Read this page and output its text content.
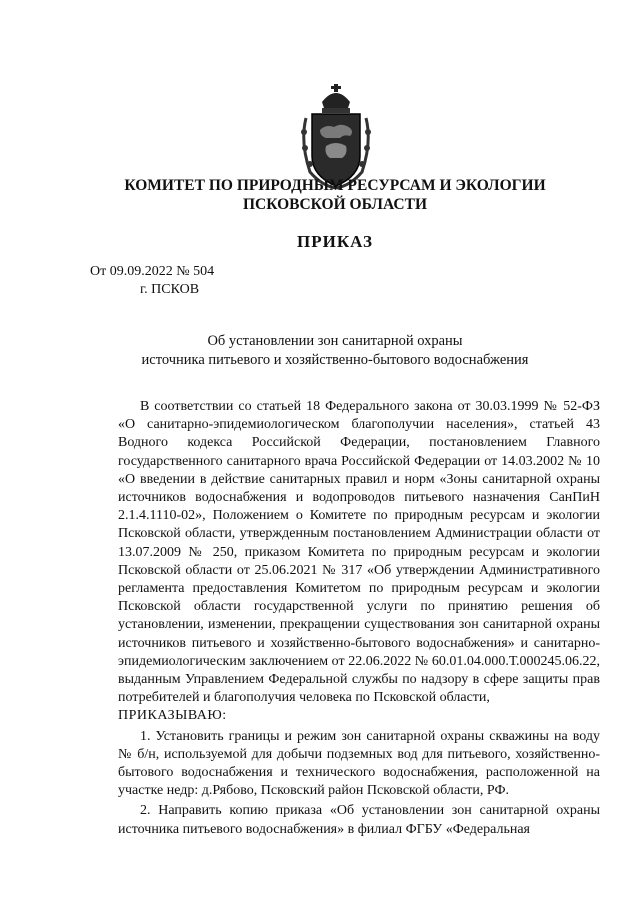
КОМИТЕТ ПО ПРИРОДНЫМ РЕСУРСАМ И ЭКОЛОГИИ
ПСКОВСКОЙ ОБЛАСТИ
ПРИКАЗ
От 09.09.2022 № 504
г. ПСКОВ
Об установлении зон санитарной охраны
источника питьевого и хозяйственно-бытового водоснабжения

В соответствии со статьей 18 Федерального закона от 30.03.1999 № 52-ФЗ «О санитарно-эпидемиологическом благополучии населения», статьей 43 Водного кодекса Российской Федерации, постановлением Главного государственного санитарного врача Российской Федерации от 14.03.2002 № 10 «О введении в действие санитарных правил и норм «Зоны санитарной охраны источников водоснабжения и водопроводов питьевого назначения СанПиН 2.1.4.1110-02», Положением о Комитете по природным ресурсам и экологии Псковской области, утвержденным постановлением Администрации области от 13.07.2009 № 250, приказом Комитета по природным ресурсам и экологии Псковской области от 25.06.2021 № 317 «Об утверждении Административного регламента предоставления Комитетом по природным ресурсам и экологии Псковской области государственной услуги по принятию решения об установлении, изменении, прекращении существования зон санитарной охраны источников питьевого и хозяйственно-бытового водоснабжения» и санитарно-эпидемиологическим заключением от 22.06.2022 № 60.01.04.000.Т.000245.06.22, выданным Управлением Федеральной службы по надзору в сфере защиты прав потребителей и благополучия человека по Псковской области,

ПРИКАЗЫВАЮ:

1. Установить границы и режим зон санитарной охраны скважины на воду № б/н, используемой для добычи подземных вод для питьевого, хозяйственно-бытового водоснабжения и технического водоснабжения, расположенной на участке недр: д.Рябово, Псковский район Псковской области, РФ.

2. Направить копию приказа «Об установлении зон санитарной охраны источника питьевого водоснабжения» в филиал ФГБУ «Федеральная
